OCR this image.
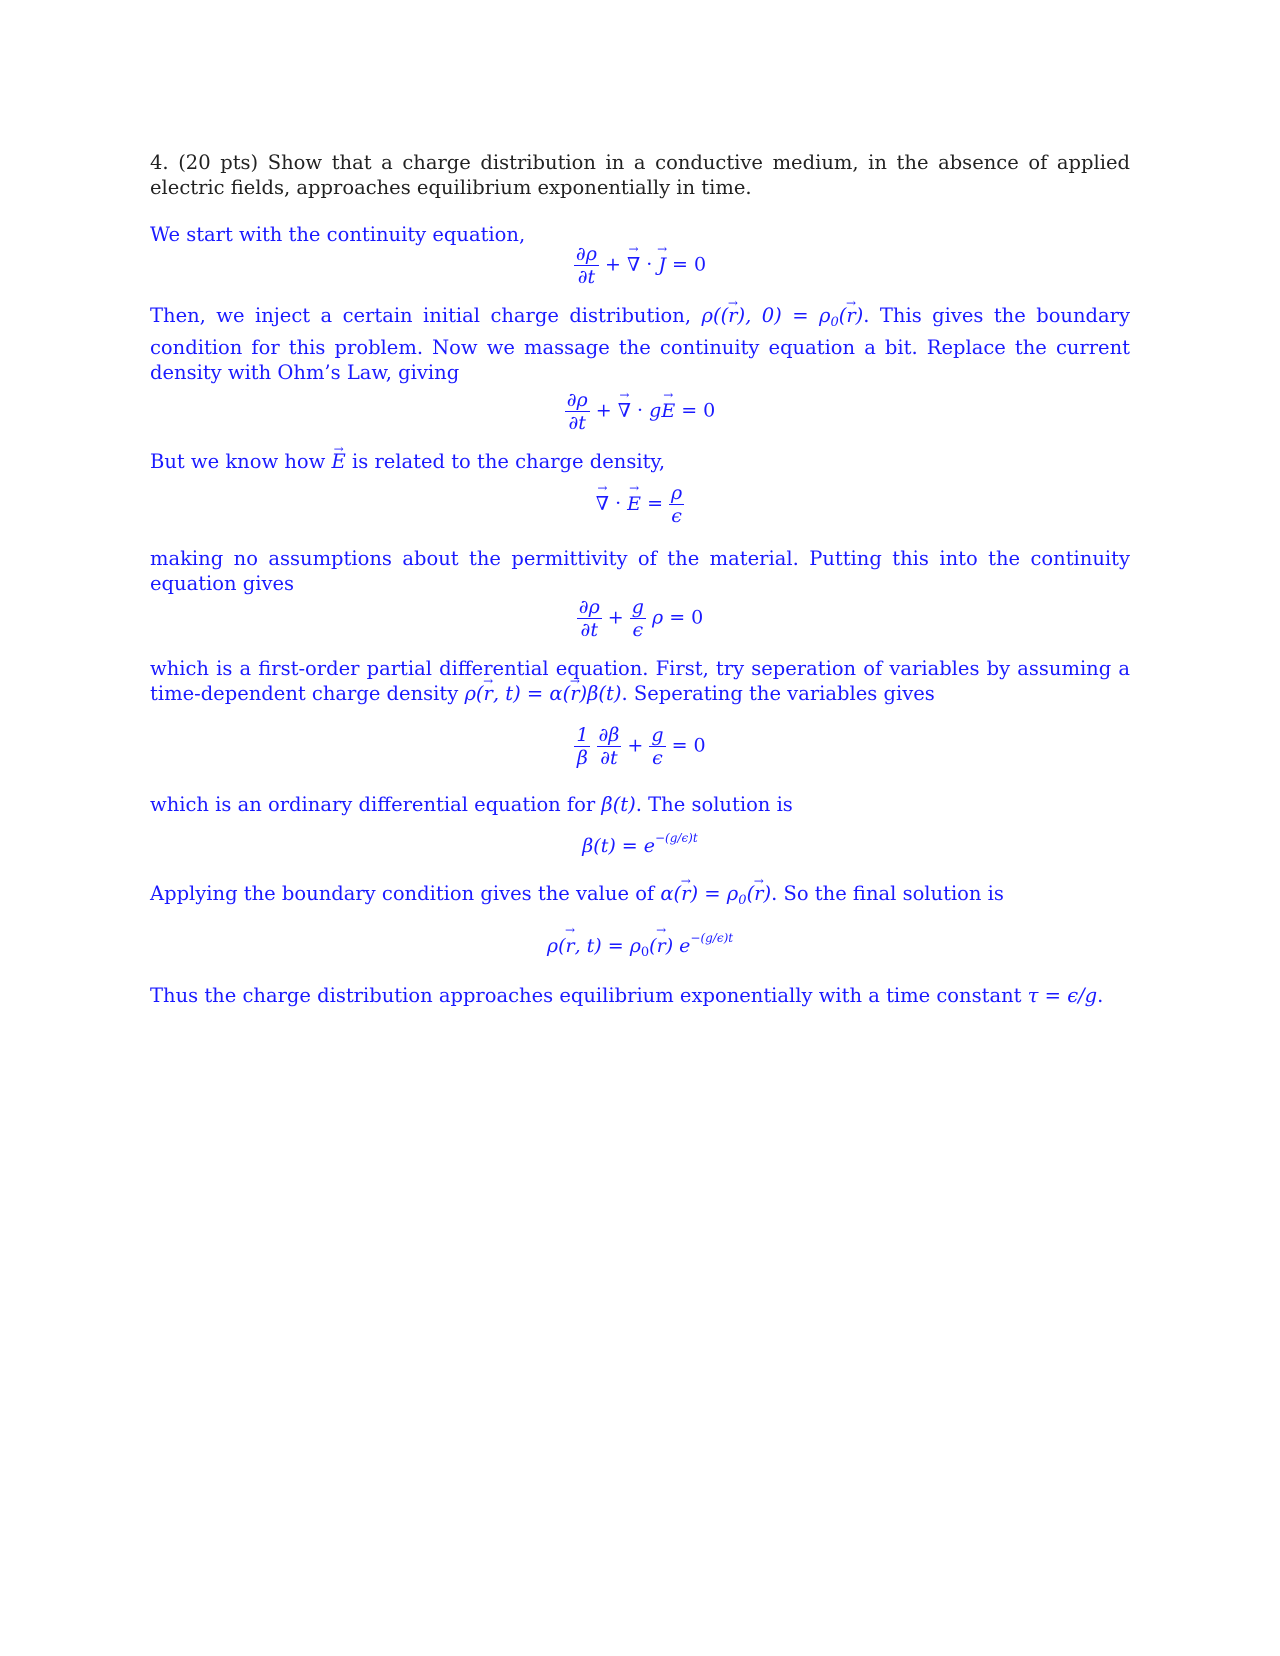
4. (20 pts) Show that a charge distribution in a conductive medium, in the absence of applied electric fields, approaches equilibrium exponentially in time.

We start with the continuity equation,

$\frac{\partial\rho}{\partial t}$ + → ∇ · → J = 0

Then, we inject a certain initial charge distribution, ρ(→ (r), $0) = \rho_0(\to r)$. This gives the boundary condition for this problem. Now we massage the continuity equation a bit. Replace the current density with Ohm’s Law, giving

$\frac{\partial\rho}{\partial t}$ + → ∇ · g→ E = 0

But we know how → E is related to the charge density,

→ ∇ · → $E = \frac{\rho}{\epsilon}$

making no assumptions about the permittivity of the material. Putting this into the continuity equation gives

$\frac{\partial\rho}{\partial t} + \frac{g}{\epsilon}$ ρ = 0

which is a first-order partial differential equation. First, try seperation of variables by assuming a time-dependent charge density ρ(→ r, t) = α(→ r)β(t). Seperating the variables gives

$\frac{1}{\beta}$
$\frac{\partial\beta}{\partial t} + \frac{g}{\epsilon} = 0$

which is an ordinary differential equation for β(t). The solution is

$\beta(t) = e^{-(g/\epsilon)t}$

Applying the boundary condition gives the value of $\alpha(\to r) = \rho_0(\to r)$. So the final solution is

ρ(→ r, $t) = \rho_0(\to r)$ $e^{-(g/\epsilon)t}$

Thus the charge distribution approaches equilibrium exponentially with a time constant τ = ϵ/g.
